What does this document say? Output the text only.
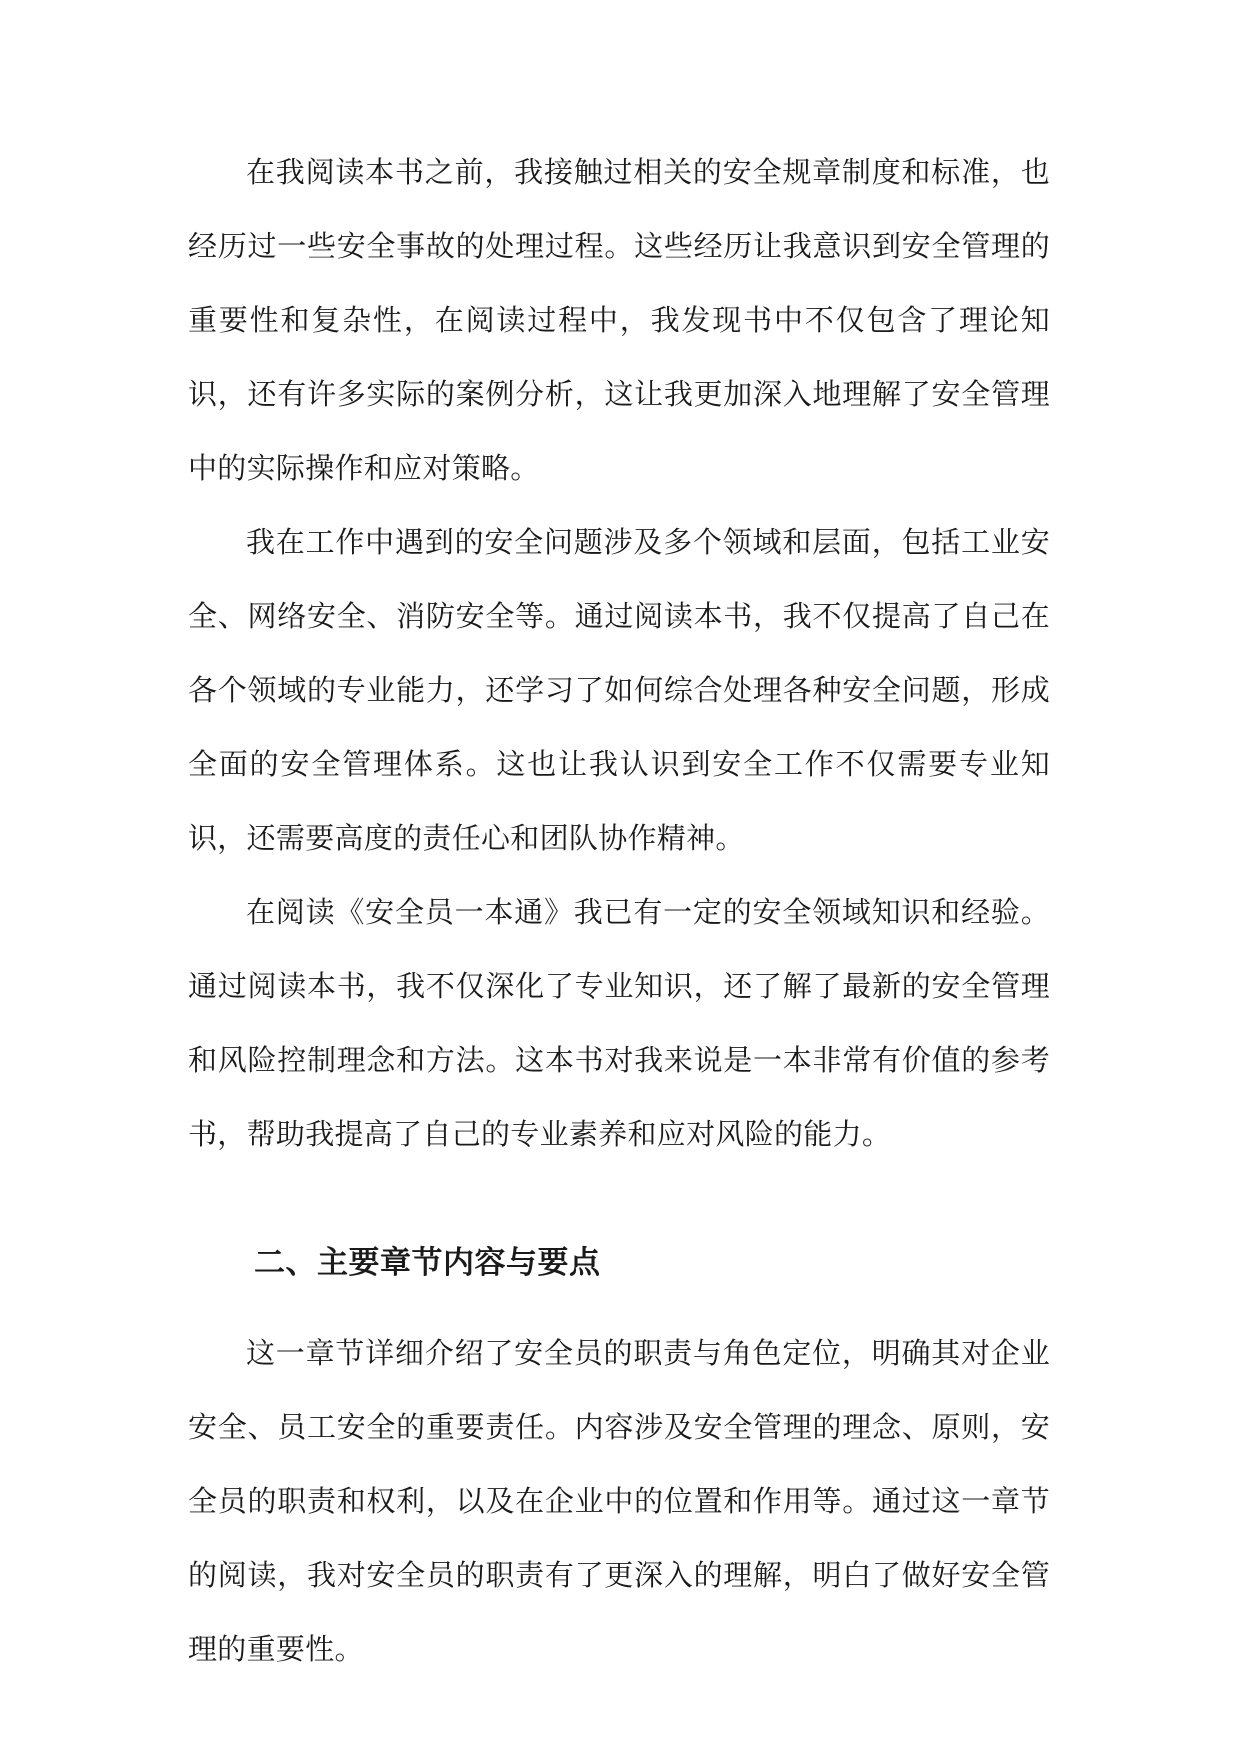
在我阅读本书之前，我接触过相关的安全规章制度和标准，也经历过一些安全事故的处理过程。这些经历让我意识到安全管理的重要性和复杂性，在阅读过程中，我发现书中不仅包含了理论知识，还有许多实际的案例分析，这让我更加深入地理解了安全管理中的实际操作和应对策略。

我在工作中遇到的安全问题涉及多个领域和层面，包括工业安全、网络安全、消防安全等。通过阅读本书，我不仅提高了自己在各个领域的专业能力，还学习了如何综合处理各种安全问题，形成全面的安全管理体系。这也让我认识到安全工作不仅需要专业知识，还需要高度的责任心和团队协作精神。

在阅读《安全员一本通》我已有一定的安全领域知识和经验。通过阅读本书，我不仅深化了专业知识，还了解了最新的安全管理和风险控制理念和方法。这本书对我来说是一本非常有价值的参考书，帮助我提高了自己的专业素养和应对风险的能力。

二、主要章节内容与要点

这一章节详细介绍了安全员的职责与角色定位，明确其对企业安全、员工安全的重要责任。内容涉及安全管理的理念、原则，安全员的职责和权利，以及在企业中的位置和作用等。通过这一章节的阅读，我对安全员的职责有了更深入的理解，明白了做好安全管理的重要性。
